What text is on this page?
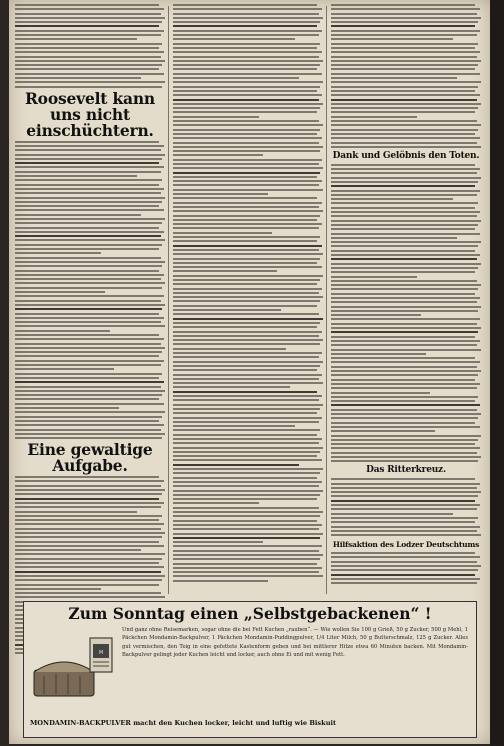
Roosevelt kann uns nicht einschüchtern.
Eine gewaltige Aufgabe.
Dank und Gelöbnis den Toten.
Das Ritterkreuz.
Hilfsaktion des Lodzer Deutschtums
Zum Sonntag einen „Selbstgebackenen“ !
M
Und ganz ohne Reisemarken, sogar ohne die bei Fett Kuchen „rauben“. — Wie wollen Sie 100 g Grieß, 50 g Zucker, 500 g Mehl, 1 Päckchen Mondamin-Backpulver, 1 Päckchen Mondamin-Puddingpulver, 1/4 Liter Milch, 50 g Butterschmalz, 125 g Zucker. Alles gut vermischen, den Teig in eine gefettete Kastenform geben und bei mittlerer Hitze etwa 60 Minuten backen. Mit Mondamin-Backpulver gelingt jeder Kuchen leicht und locker, auch ohne Ei und mit wenig Fett.
MONDAMIN-BACKPULVER macht den Kuchen locker, leicht und luftig wie Biskuit
